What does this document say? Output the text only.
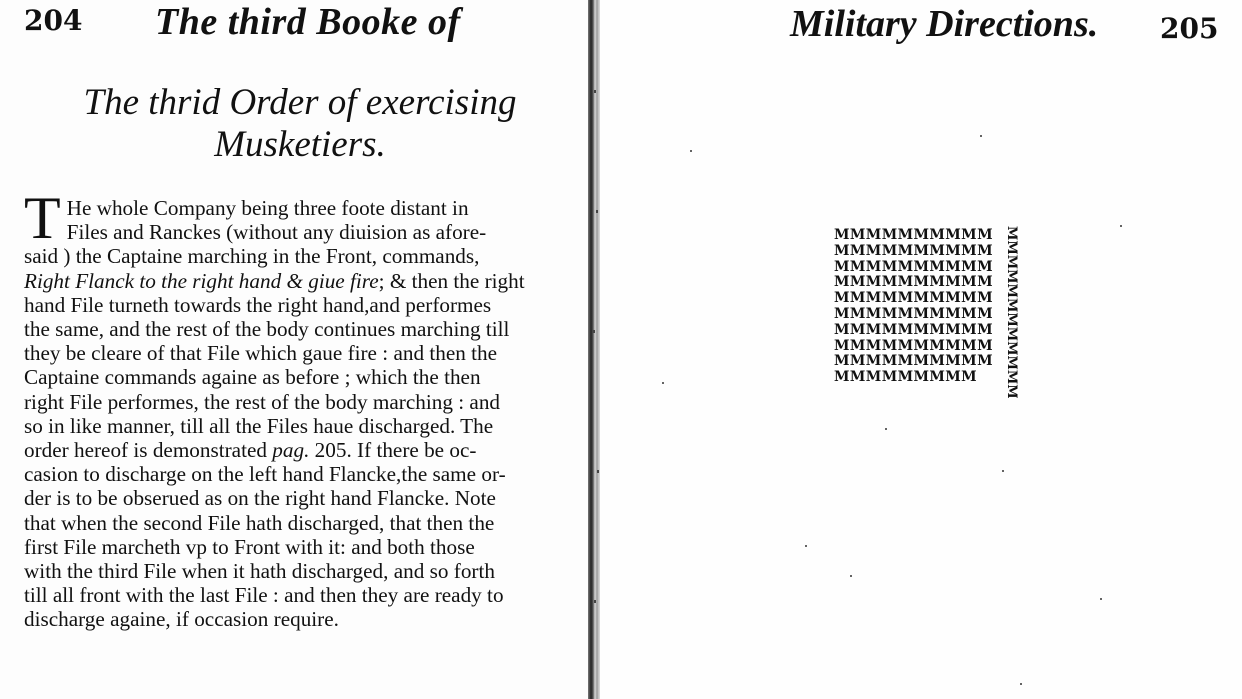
204 The third Booke of
The thrid Order of exercising
Musketiers.
T He whole Company being three foote distant in
Files and Ranckes (without any diuision as afore-
said ) the Captaine marching in the Front, commands,
Right Flanck to the right hand & giue fire; & then the right
hand File turneth towards the right hand,and performes
the same, and the rest of the body continues marching till
they be cleare of that File which gaue fire : and then the
Captaine commands againe as before ; which the then
right File performes, the rest of the body marching : and
so in like manner, till all the Files haue discharged. The
order hereof is demonstrated pag. 205. If there be oc-
casion to discharge on the left hand Flancke,the same or-
der is to be obserued as on the right hand Flancke. Note
that when the second File hath discharged, that then the
first File marcheth vp to Front with it: and both those
with the third File when it hath discharged, and so forth
till all front with the last File : and then they are ready to
discharge againe, if occasion require.
Military Directions. 205
MMMMMMMMMM
MMMMMMMMMM
MMMMMMMMMM
MMMMMMMMMM
MMMMMMMMMM
MMMMMMMMMM
MMMMMMMMMM
MMMMMMMMMM
MMMMMMMMMM
MMMMMMMMM	MMMMMMMMMMMM
